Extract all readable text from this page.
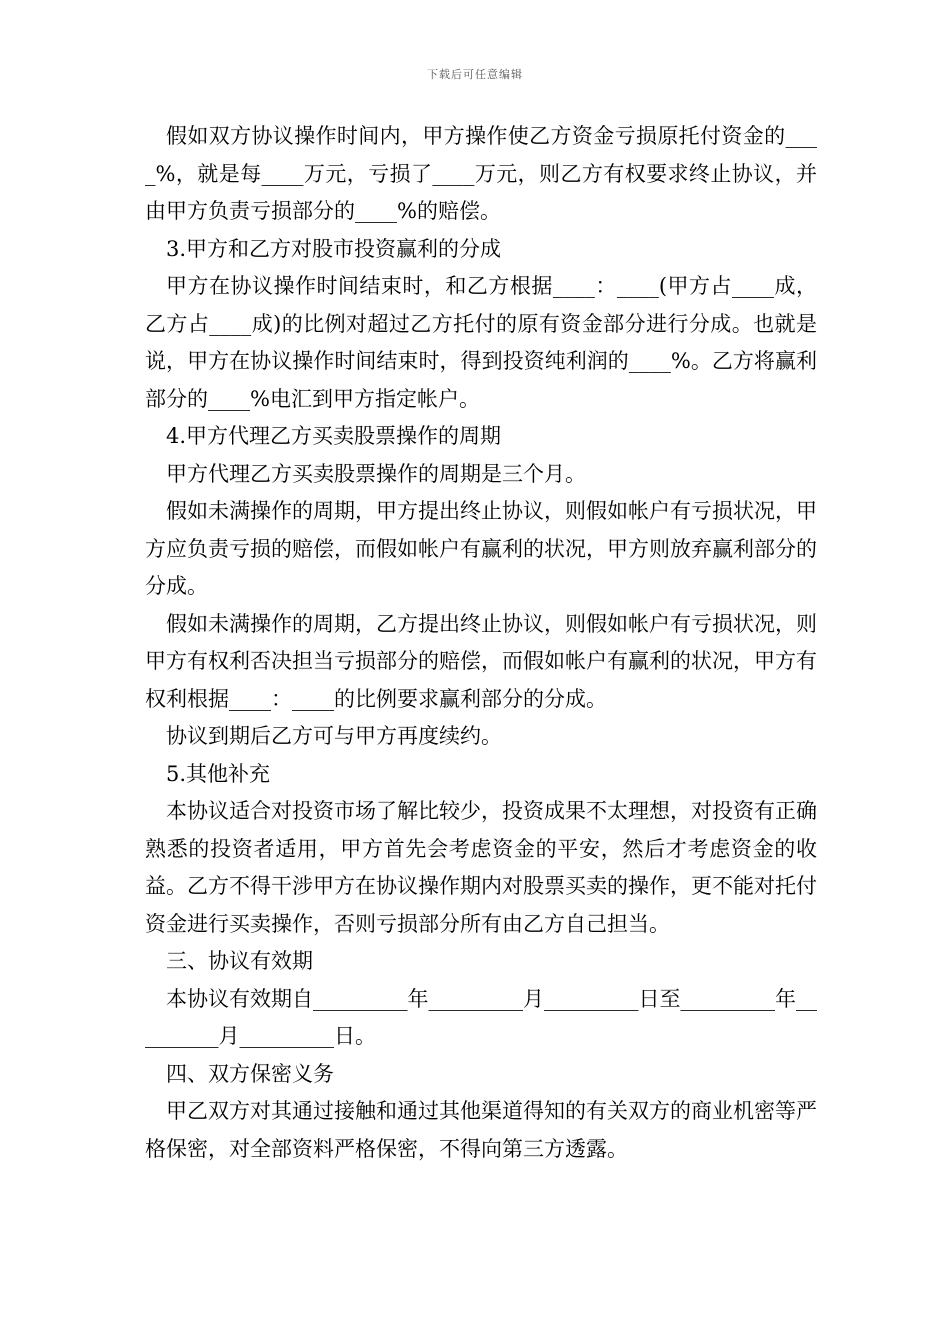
下载后可任意编辑

假如双方协议操作时间内，甲方操作使乙方资金亏损原托付资金的____%，就是每____万元，亏损了____万元，则乙方有权要求终止协议，并由甲方负责亏损部分的____%的赔偿。

3.甲方和乙方对股市投资赢利的分成

甲方在协议操作时间结束时，和乙方根据____：____(甲方占____成，乙方占____成)的比例对超过乙方托付的原有资金部分进行分成。也就是说，甲方在协议操作时间结束时，得到投资纯利润的____%。乙方将赢利部分的____%电汇到甲方指定帐户。

4.甲方代理乙方买卖股票操作的周期

甲方代理乙方买卖股票操作的周期是三个月。

假如未满操作的周期，甲方提出终止协议，则假如帐户有亏损状况，甲方应负责亏损的赔偿，而假如帐户有赢利的状况，甲方则放弃赢利部分的分成。

假如未满操作的周期，乙方提出终止协议，则假如帐户有亏损状况，则甲方有权利否决担当亏损部分的赔偿，而假如帐户有赢利的状况，甲方有权利根据____：____的比例要求赢利部分的分成。

协议到期后乙方可与甲方再度续约。

5.其他补充

本协议适合对投资市场了解比较少，投资成果不太理想，对投资有正确熟悉的投资者适用，甲方首先会考虑资金的平安，然后才考虑资金的收益。乙方不得干涉甲方在协议操作期内对股票买卖的操作，更不能对托付资金进行买卖操作，否则亏损部分所有由乙方自己担当。

三、协议有效期

本协议有效期自_________年_________月_________日至_________年_________月_________日。

四、双方保密义务

甲乙双方对其通过接触和通过其他渠道得知的有关双方的商业机密等严格保密，对全部资料严格保密，不得向第三方透露。
